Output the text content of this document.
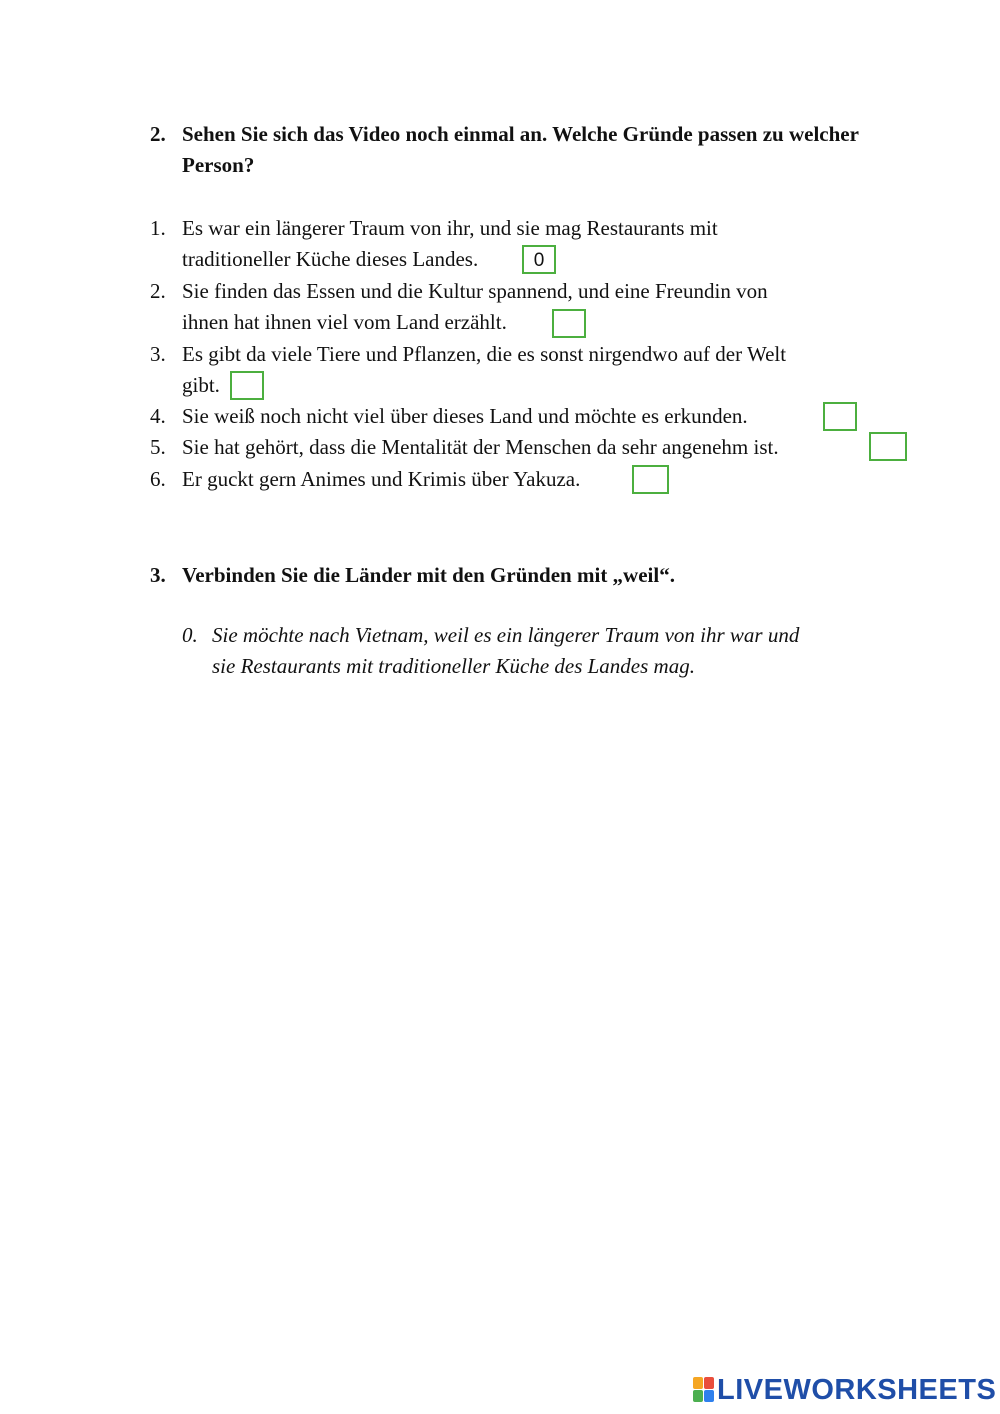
2. Sehen Sie sich das Video noch einmal an. Welche Gründe passen zu welcher Person?
1. Es war ein längerer Traum von ihr, und sie mag Restaurants mit
traditioneller Küche dieses Landes.	0
2. Sie finden das Essen und die Kultur spannend, und eine Freundin von
ihnen hat ihnen viel vom Land erzählt.
3. Es gibt da viele Tiere und Pflanzen, die es sonst nirgendwo auf der Welt
gibt.
4. Sie weiß noch nicht viel über dieses Land und möchte es erkunden.
5. Sie hat gehört, dass die Mentalität der Menschen da sehr angenehm ist.
6. Er guckt gern Animes und Krimis über Yakuza.
3. Verbinden Sie die Länder mit den Gründen mit „weil“.
0. Sie möchte nach Vietnam, weil es ein längerer Traum von ihr war und
sie Restaurants mit traditioneller Küche des Landes mag.
LIVEWORKSHEETS
